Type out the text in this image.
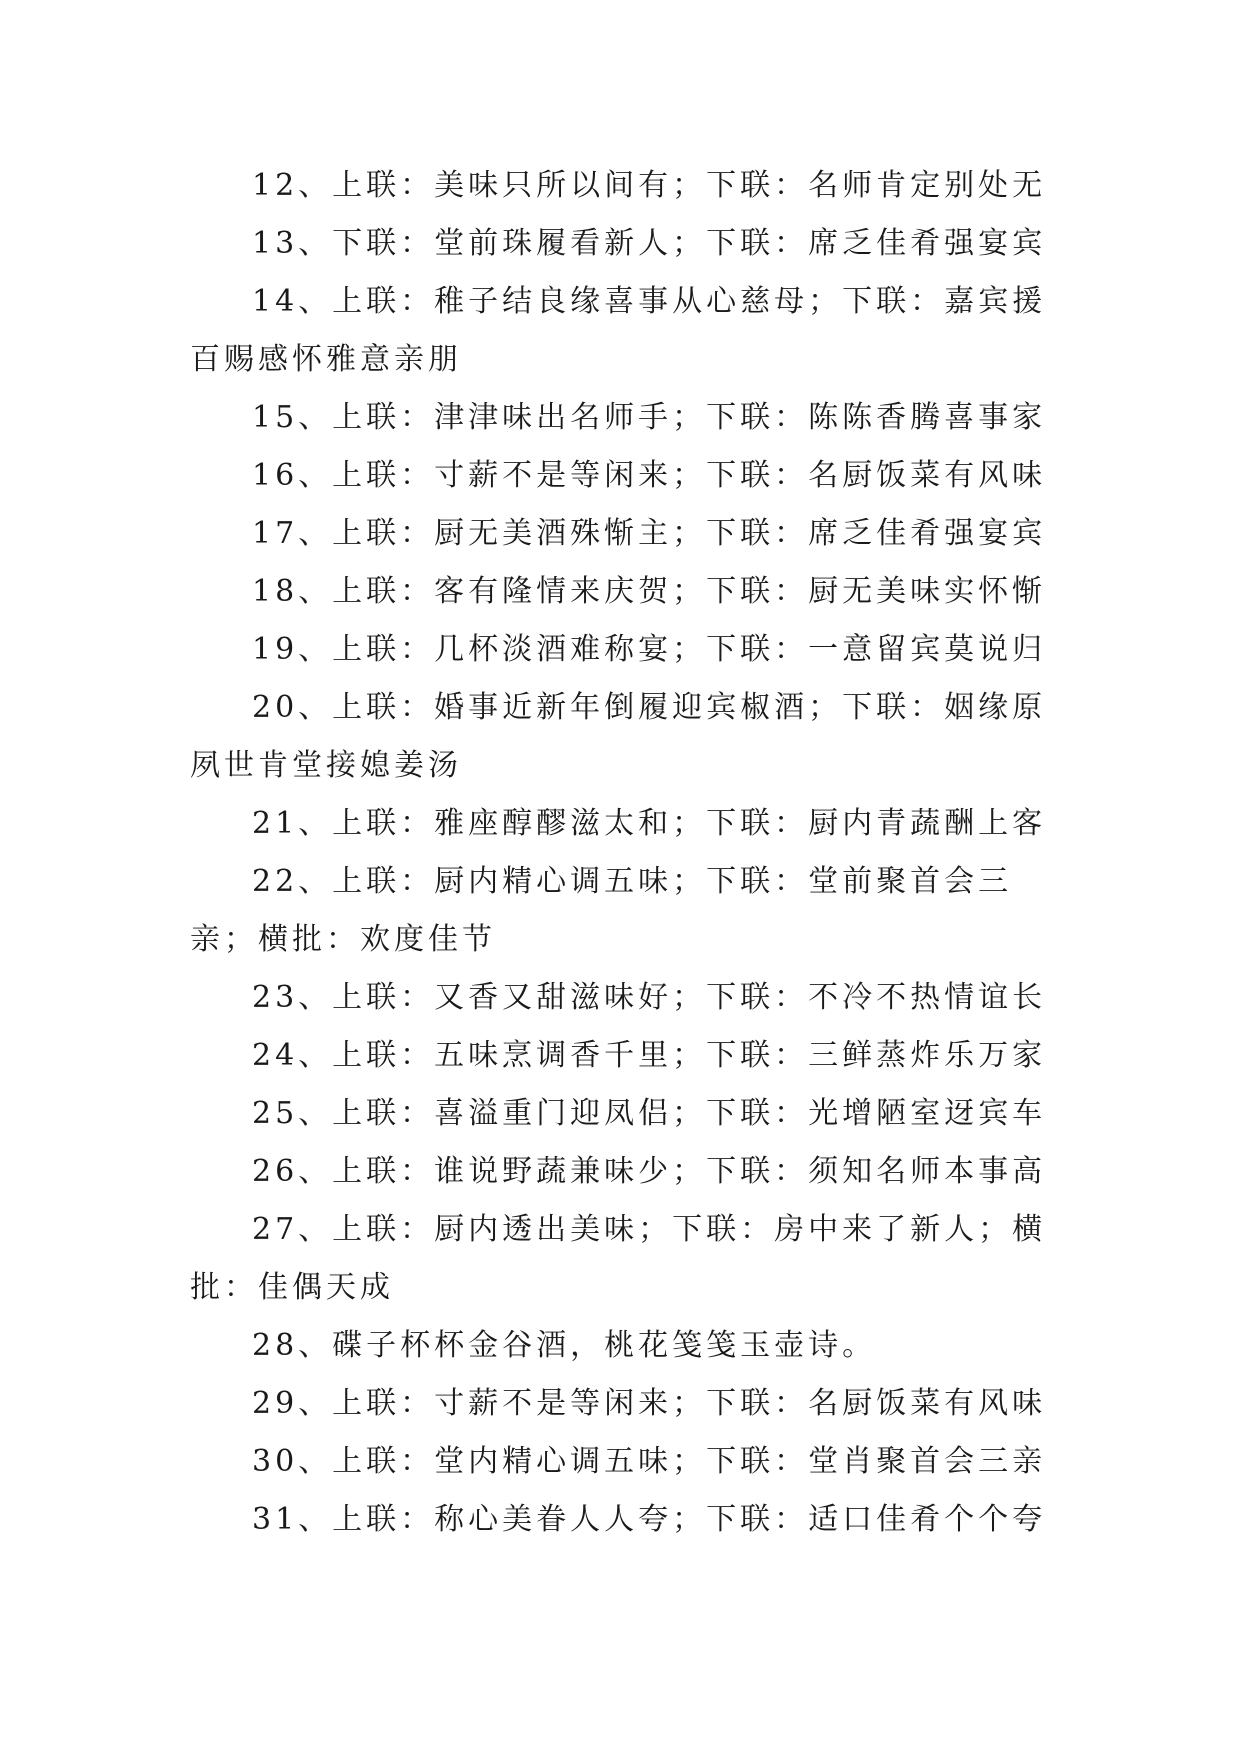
12、上联：美味只所以间有；下联：名师肯定别处无

13、下联：堂前珠履看新人；下联：席乏佳肴强宴宾

14、上联：稚子结良缘喜事从心慈母；下联：嘉宾援百赐感怀雅意亲朋

15、上联：津津味出名师手；下联：陈陈香腾喜事家

16、上联：寸薪不是等闲来；下联：名厨饭菜有风味

17、上联：厨无美酒殊惭主；下联：席乏佳肴强宴宾

18、上联：客有隆情来庆贺；下联：厨无美味实怀惭

19、上联：几杯淡酒难称宴；下联：一意留宾莫说归

20、上联：婚事近新年倒履迎宾椒酒；下联：姻缘原夙世肯堂接媳姜汤

21、上联：雅座醇醪滋太和；下联：厨内青蔬酬上客

22、上联：厨内精心调五味；下联：堂前聚首会三亲；横批：欢度佳节

23、上联：又香又甜滋味好；下联：不冷不热情谊长

24、上联：五味烹调香千里；下联：三鲜蒸炸乐万家

25、上联：喜溢重门迎凤侣；下联：光增陋室迓宾车

26、上联：谁说野蔬兼味少；下联：须知名师本事高

27、上联：厨内透出美味；下联：房中来了新人；横批：佳偶天成

28、碟子杯杯金谷酒，桃花笺笺玉壶诗。

29、上联：寸薪不是等闲来；下联：名厨饭菜有风味

30、上联：堂内精心调五味；下联：堂肖聚首会三亲

31、上联：称心美眷人人夸；下联：适口佳肴个个夸
